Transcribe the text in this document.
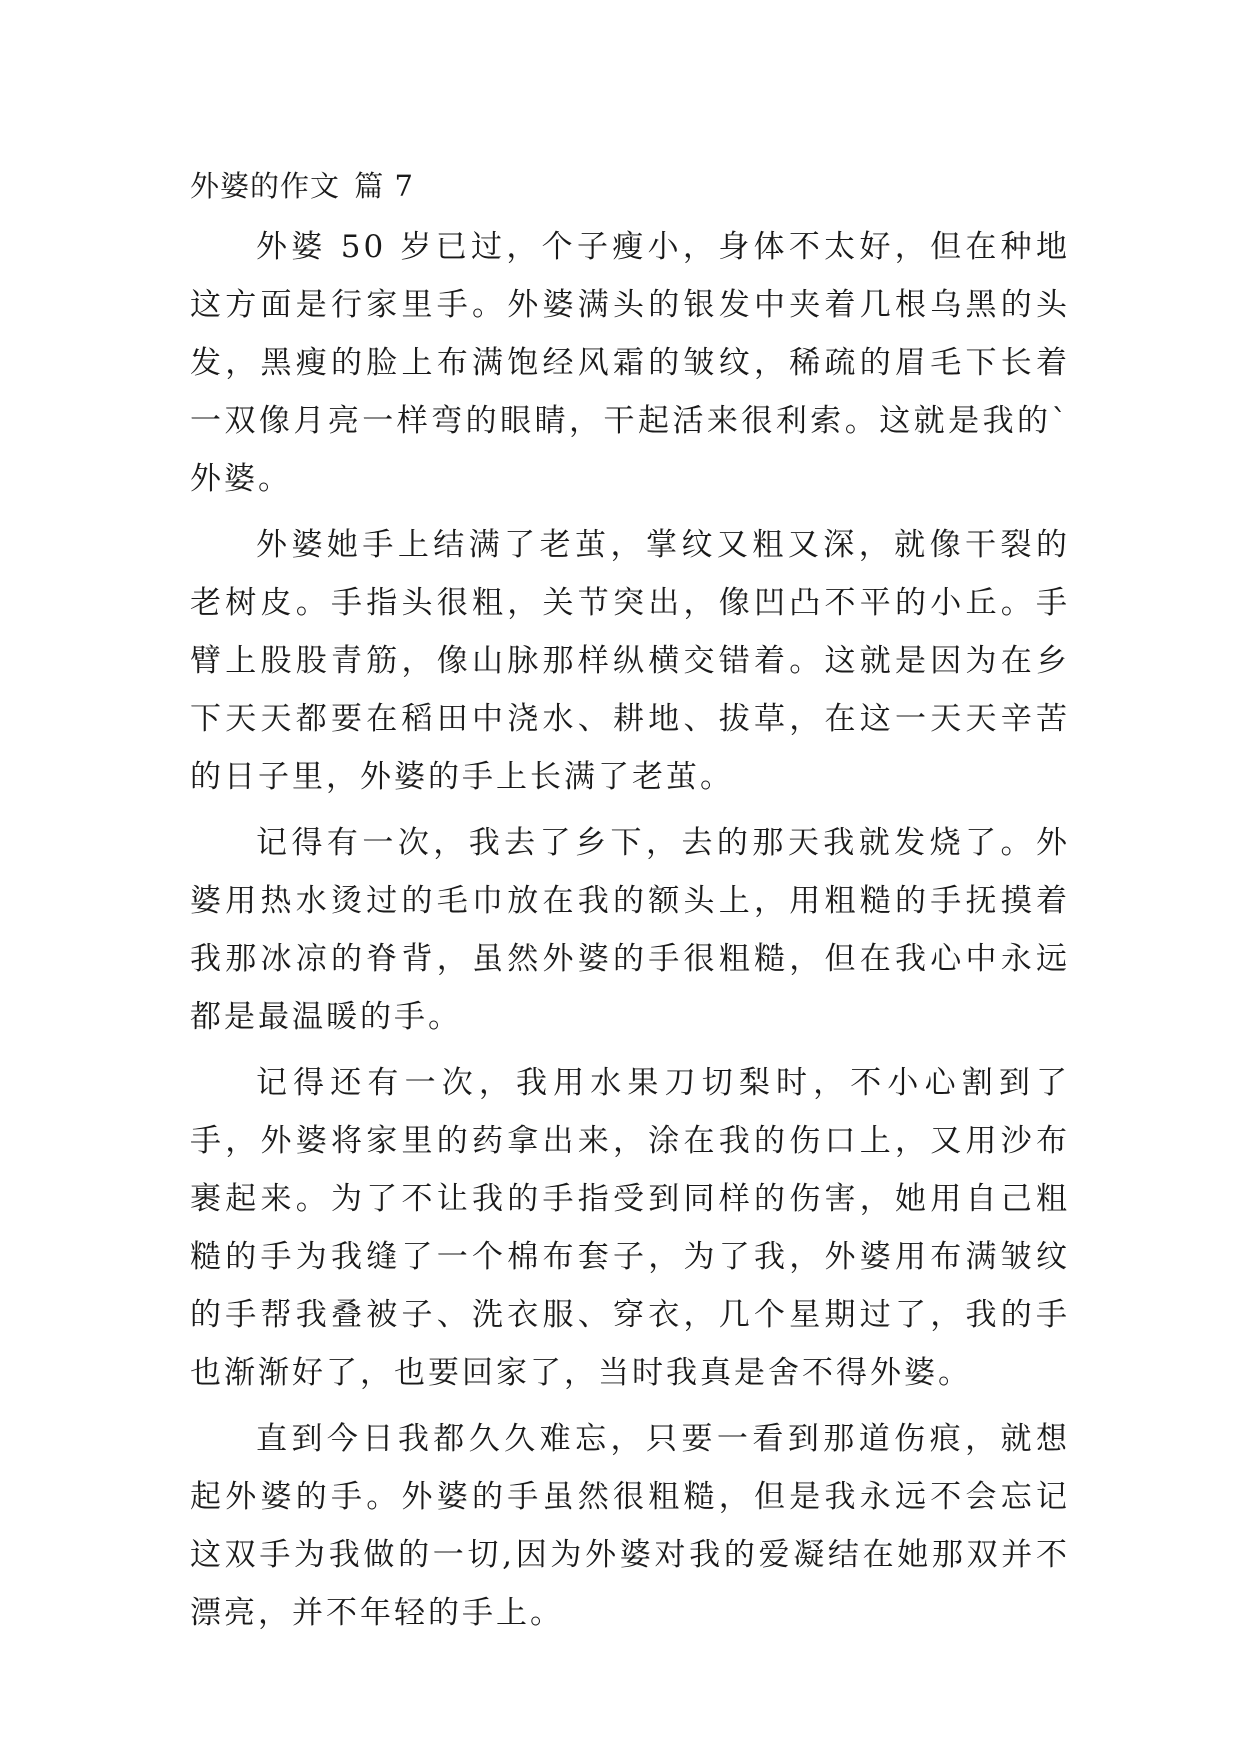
外婆的作文 篇 7

外婆 50 岁已过，个子瘦小，身体不太好，但在种地这方面是行家里手。外婆满头的银发中夹着几根乌黑的头发，黑瘦的脸上布满饱经风霜的皱纹，稀疏的眉毛下长着一双像月亮一样弯的眼睛，干起活来很利索。这就是我的`外婆。

外婆她手上结满了老茧，掌纹又粗又深，就像干裂的老树皮。手指头很粗，关节突出，像凹凸不平的小丘。手臂上股股青筋，像山脉那样纵横交错着。这就是因为在乡下天天都要在稻田中浇水、耕地、拔草，在这一天天辛苦的日子里，外婆的手上长满了老茧。

记得有一次，我去了乡下，去的那天我就发烧了。外婆用热水烫过的毛巾放在我的额头上，用粗糙的手抚摸着我那冰凉的脊背，虽然外婆的手很粗糙，但在我心中永远都是最温暖的手。

记得还有一次，我用水果刀切梨时，不小心割到了手，外婆将家里的药拿出来，涂在我的伤口上，又用沙布裹起来。为了不让我的手指受到同样的伤害，她用自己粗糙的手为我缝了一个棉布套子，为了我，外婆用布满皱纹的手帮我叠被子、洗衣服、穿衣，几个星期过了，我的手也渐渐好了，也要回家了，当时我真是舍不得外婆。

直到今日我都久久难忘，只要一看到那道伤痕，就想起外婆的手。外婆的手虽然很粗糙，但是我永远不会忘记这双手为我做的一切,因为外婆对我的爱凝结在她那双并不漂亮，并不年轻的手上。
